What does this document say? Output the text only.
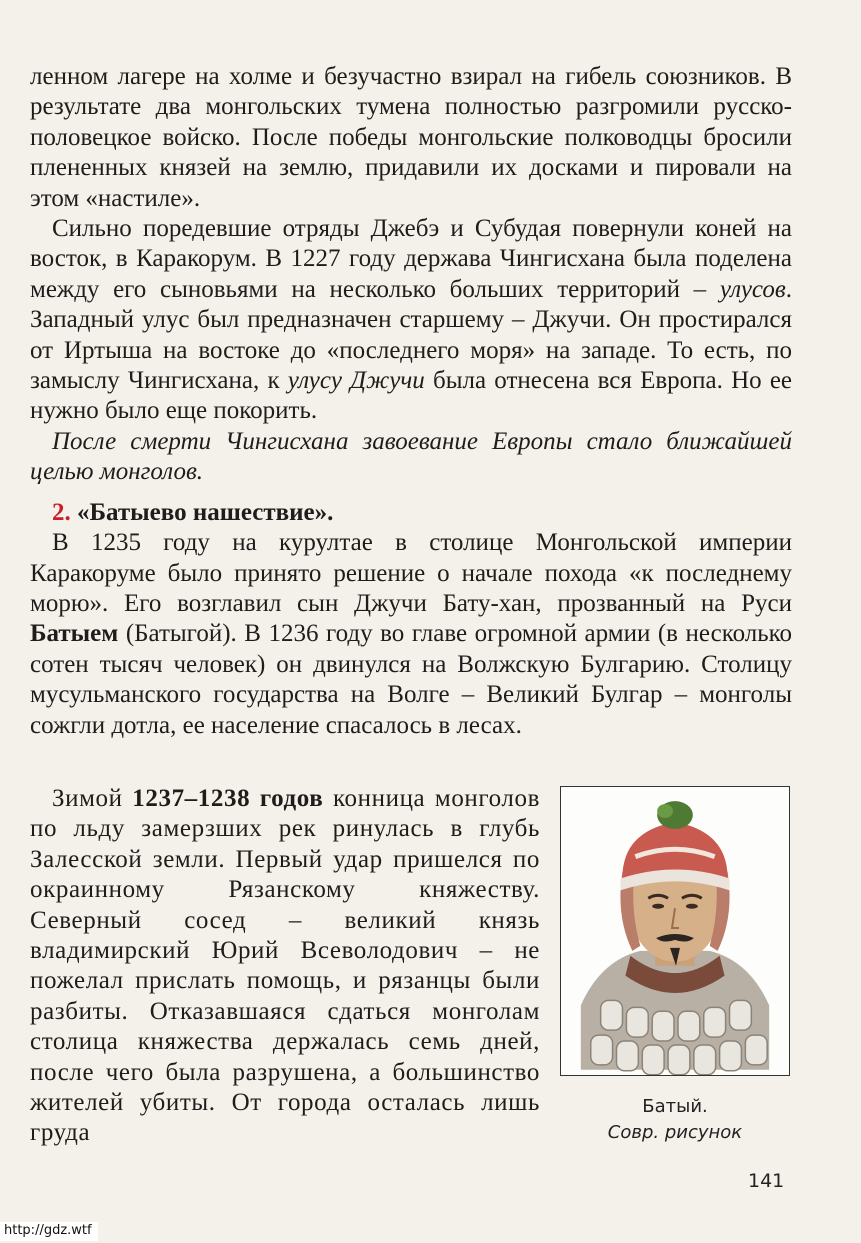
ленном лагере на холме и безучастно взирал на гибель союзников. В результате два монгольских тумена полностью разгромили русско-половецкое войско. После победы монгольские полководцы бросили плененных князей на землю, придавили их досками и пировали на этом «настиле».

Сильно поредевшие отряды Джебэ и Субудая повернули коней на восток, в Каракорум. В 1227 году держава Чингисхана была поделена между его сыновьями на несколько больших территорий – улусов. Западный улус был предназначен старшему – Джучи. Он простирался от Иртыша на востоке до «последнего моря» на западе. То есть, по замыслу Чингисхана, к улусу Джучи была отнесена вся Европа. Но ее нужно было еще покорить.

После смерти Чингисхана завоевание Европы стало ближайшей целью монголов.

2. «Батыево нашествие».

В 1235 году на курултае в столице Монгольской империи Каракоруме было принято решение о начале похода «к последнему морю». Его возглавил сын Джучи Бату-хан, прозванный на Руси Батыем (Батыгой). В 1236 году во главе огромной армии (в несколько сотен тысяч человек) он двинулся на Волжскую Булгарию. Столицу мусульманского государства на Волге – Великий Булгар – монголы сожгли дотла, ее население спасалось в лесах.

Зимой 1237–1238 годов конница монголов по льду замерзших рек ринулась в глубь Залесской земли. Первый удар пришелся по окраинному Рязанскому княжеству. Северный сосед – великий князь владимирский Юрий Всеволодович – не пожелал прислать помощь, и рязанцы были разбиты. Отказавшаяся сдаться монголам столица княжества держалась семь дней, после чего была разрушена, а большинство жителей убиты. От города осталась лишь груда

Батый.
Совр. рисунок
141
http://gdz.wtf
